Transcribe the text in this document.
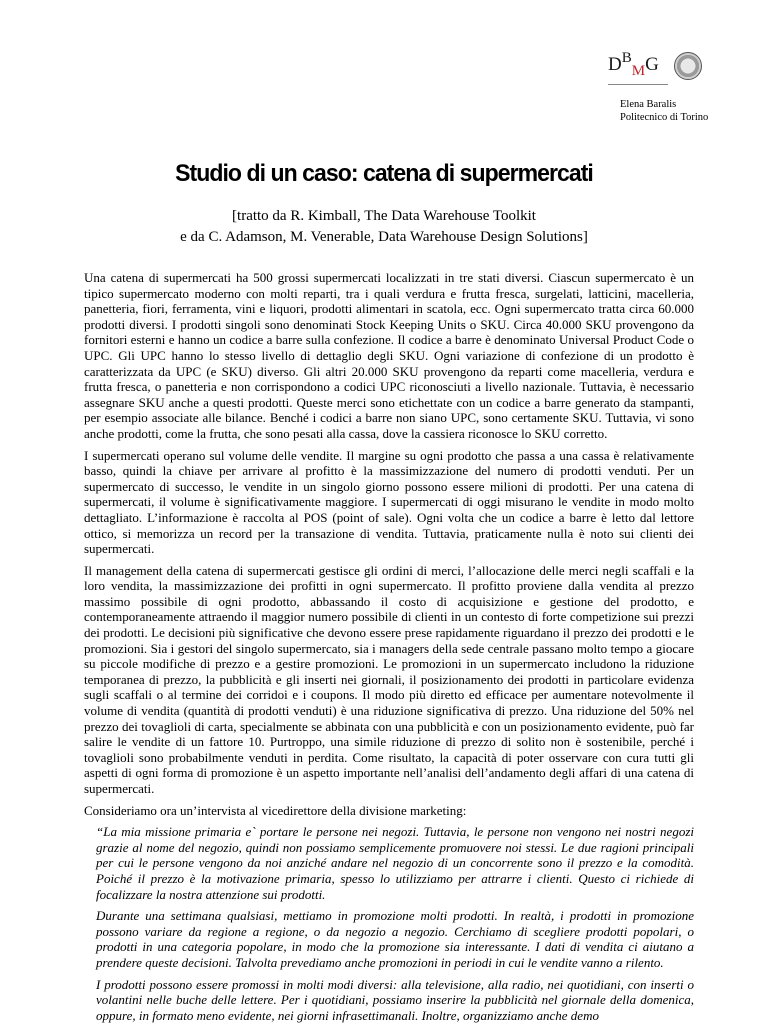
$D^B_MG$
Elena Baralis
Politecnico di Torino
Studio di un caso: catena di supermercati
[tratto da R. Kimball, The Data Warehouse Toolkit
e da C. Adamson, M. Venerable, Data Warehouse Design Solutions]

Una catena di supermercati ha 500 grossi supermercati localizzati in tre stati diversi. Ciascun supermercato è un tipico supermercato moderno con molti reparti, tra i quali verdura e frutta fresca, surgelati, latticini, macelleria, panetteria, fiori, ferramenta, vini e liquori, prodotti alimentari in scatola, ecc. Ogni supermercato tratta circa 60.000 prodotti diversi. I prodotti singoli sono denominati Stock Keeping Units o SKU. Circa 40.000 SKU provengono da fornitori esterni e hanno un codice a barre sulla confezione. Il codice a barre è denominato Universal Product Code o UPC. Gli UPC hanno lo stesso livello di dettaglio degli SKU. Ogni variazione di confezione di un prodotto è caratterizzata da UPC (e SKU) diverso. Gli altri 20.000 SKU provengono da reparti come macelleria, verdura e frutta fresca, o panetteria e non corrispondono a codici UPC riconosciuti a livello nazionale. Tuttavia, è necessario assegnare SKU anche a questi prodotti. Queste merci sono etichettate con un codice a barre generato da stampanti, per esempio associate alle bilance. Benché i codici a barre non siano UPC, sono certamente SKU. Tuttavia, vi sono anche prodotti, come la frutta, che sono pesati alla cassa, dove la cassiera riconosce lo SKU corretto.

I supermercati operano sul volume delle vendite. Il margine su ogni prodotto che passa a una cassa è relativamente basso, quindi la chiave per arrivare al profitto è la massimizzazione del numero di prodotti venduti. Per un supermercato di successo, le vendite in un singolo giorno possono essere milioni di prodotti. Per una catena di supermercati, il volume è significativamente maggiore. I supermercati di oggi misurano le vendite in modo molto dettagliato. L’informazione è raccolta al POS (point of sale). Ogni volta che un codice a barre è letto dal lettore ottico, si memorizza un record per la transazione di vendita. Tuttavia, praticamente nulla è noto sui clienti dei supermercati.

Il management della catena di supermercati gestisce gli ordini di merci, l’allocazione delle merci negli scaffali e la loro vendita, la massimizzazione dei profitti in ogni supermercato. Il profitto proviene dalla vendita al prezzo massimo possibile di ogni prodotto, abbassando il costo di acquisizione e gestione del prodotto, e contemporaneamente attraendo il maggior numero possibile di clienti in un contesto di forte competizione sui prezzi dei prodotti. Le decisioni più significative che devono essere prese rapidamente riguardano il prezzo dei prodotti e le promozioni. Sia i gestori del singolo supermercato, sia i managers della sede centrale passano molto tempo a giocare su piccole modifiche di prezzo e a gestire promozioni. Le promozioni in un supermercato includono la riduzione temporanea di prezzo, la pubblicità e gli inserti nei giornali, il posizionamento dei prodotti in particolare evidenza sugli scaffali o al termine dei corridoi e i coupons. Il modo più diretto ed efficace per aumentare notevolmente il volume di vendita (quantità di prodotti venduti) è una riduzione significativa di prezzo. Una riduzione del 50% nel prezzo dei tovaglioli di carta, specialmente se abbinata con una pubblicità e con un posizionamento evidente, può far salire le vendite di un fattore 10. Purtroppo, una simile riduzione di prezzo di solito non è sostenibile, perché i tovaglioli sono probabilmente venduti in perdita. Come risultato, la capacità di poter osservare con cura tutti gli aspetti di ogni forma di promozione è un aspetto importante nell’analisi dell’andamento degli affari di una catena di supermercati.

Consideriamo ora un’intervista al vicedirettore della divisione marketing:

“La mia missione primaria e` portare le persone nei negozi. Tuttavia, le persone non vengono nei nostri negozi grazie al nome del negozio, quindi non possiamo semplicemente promuovere noi stessi. Le due ragioni principali per cui le persone vengono da noi anziché andare nel negozio di un concorrente sono il prezzo e la comodità. Poiché il prezzo è la motivazione primaria, spesso lo utilizziamo per attrarre i clienti. Questo ci richiede di focalizzare la nostra attenzione sui prodotti.

Durante una settimana qualsiasi, mettiamo in promozione molti prodotti. In realtà, i prodotti in promozione possono variare da regione a regione, o da negozio a negozio. Cerchiamo di scegliere prodotti popolari, o prodotti in una categoria popolare, in modo che la promozione sia interessante. I dati di vendita ci aiutano a prendere queste decisioni. Talvolta prevediamo anche promozioni in periodi in cui le vendite vanno a rilento.

I prodotti possono essere promossi in molti modi diversi: alla televisione, alla radio, nei quotidiani, con inserti o volantini nelle buche delle lettere. Per i quotidiani, possiamo inserire la pubblicità nel giornale della domenica, oppure, in formato meno evidente, nei giorni infrasettimanali. Inoltre, organizziamo anche demo
